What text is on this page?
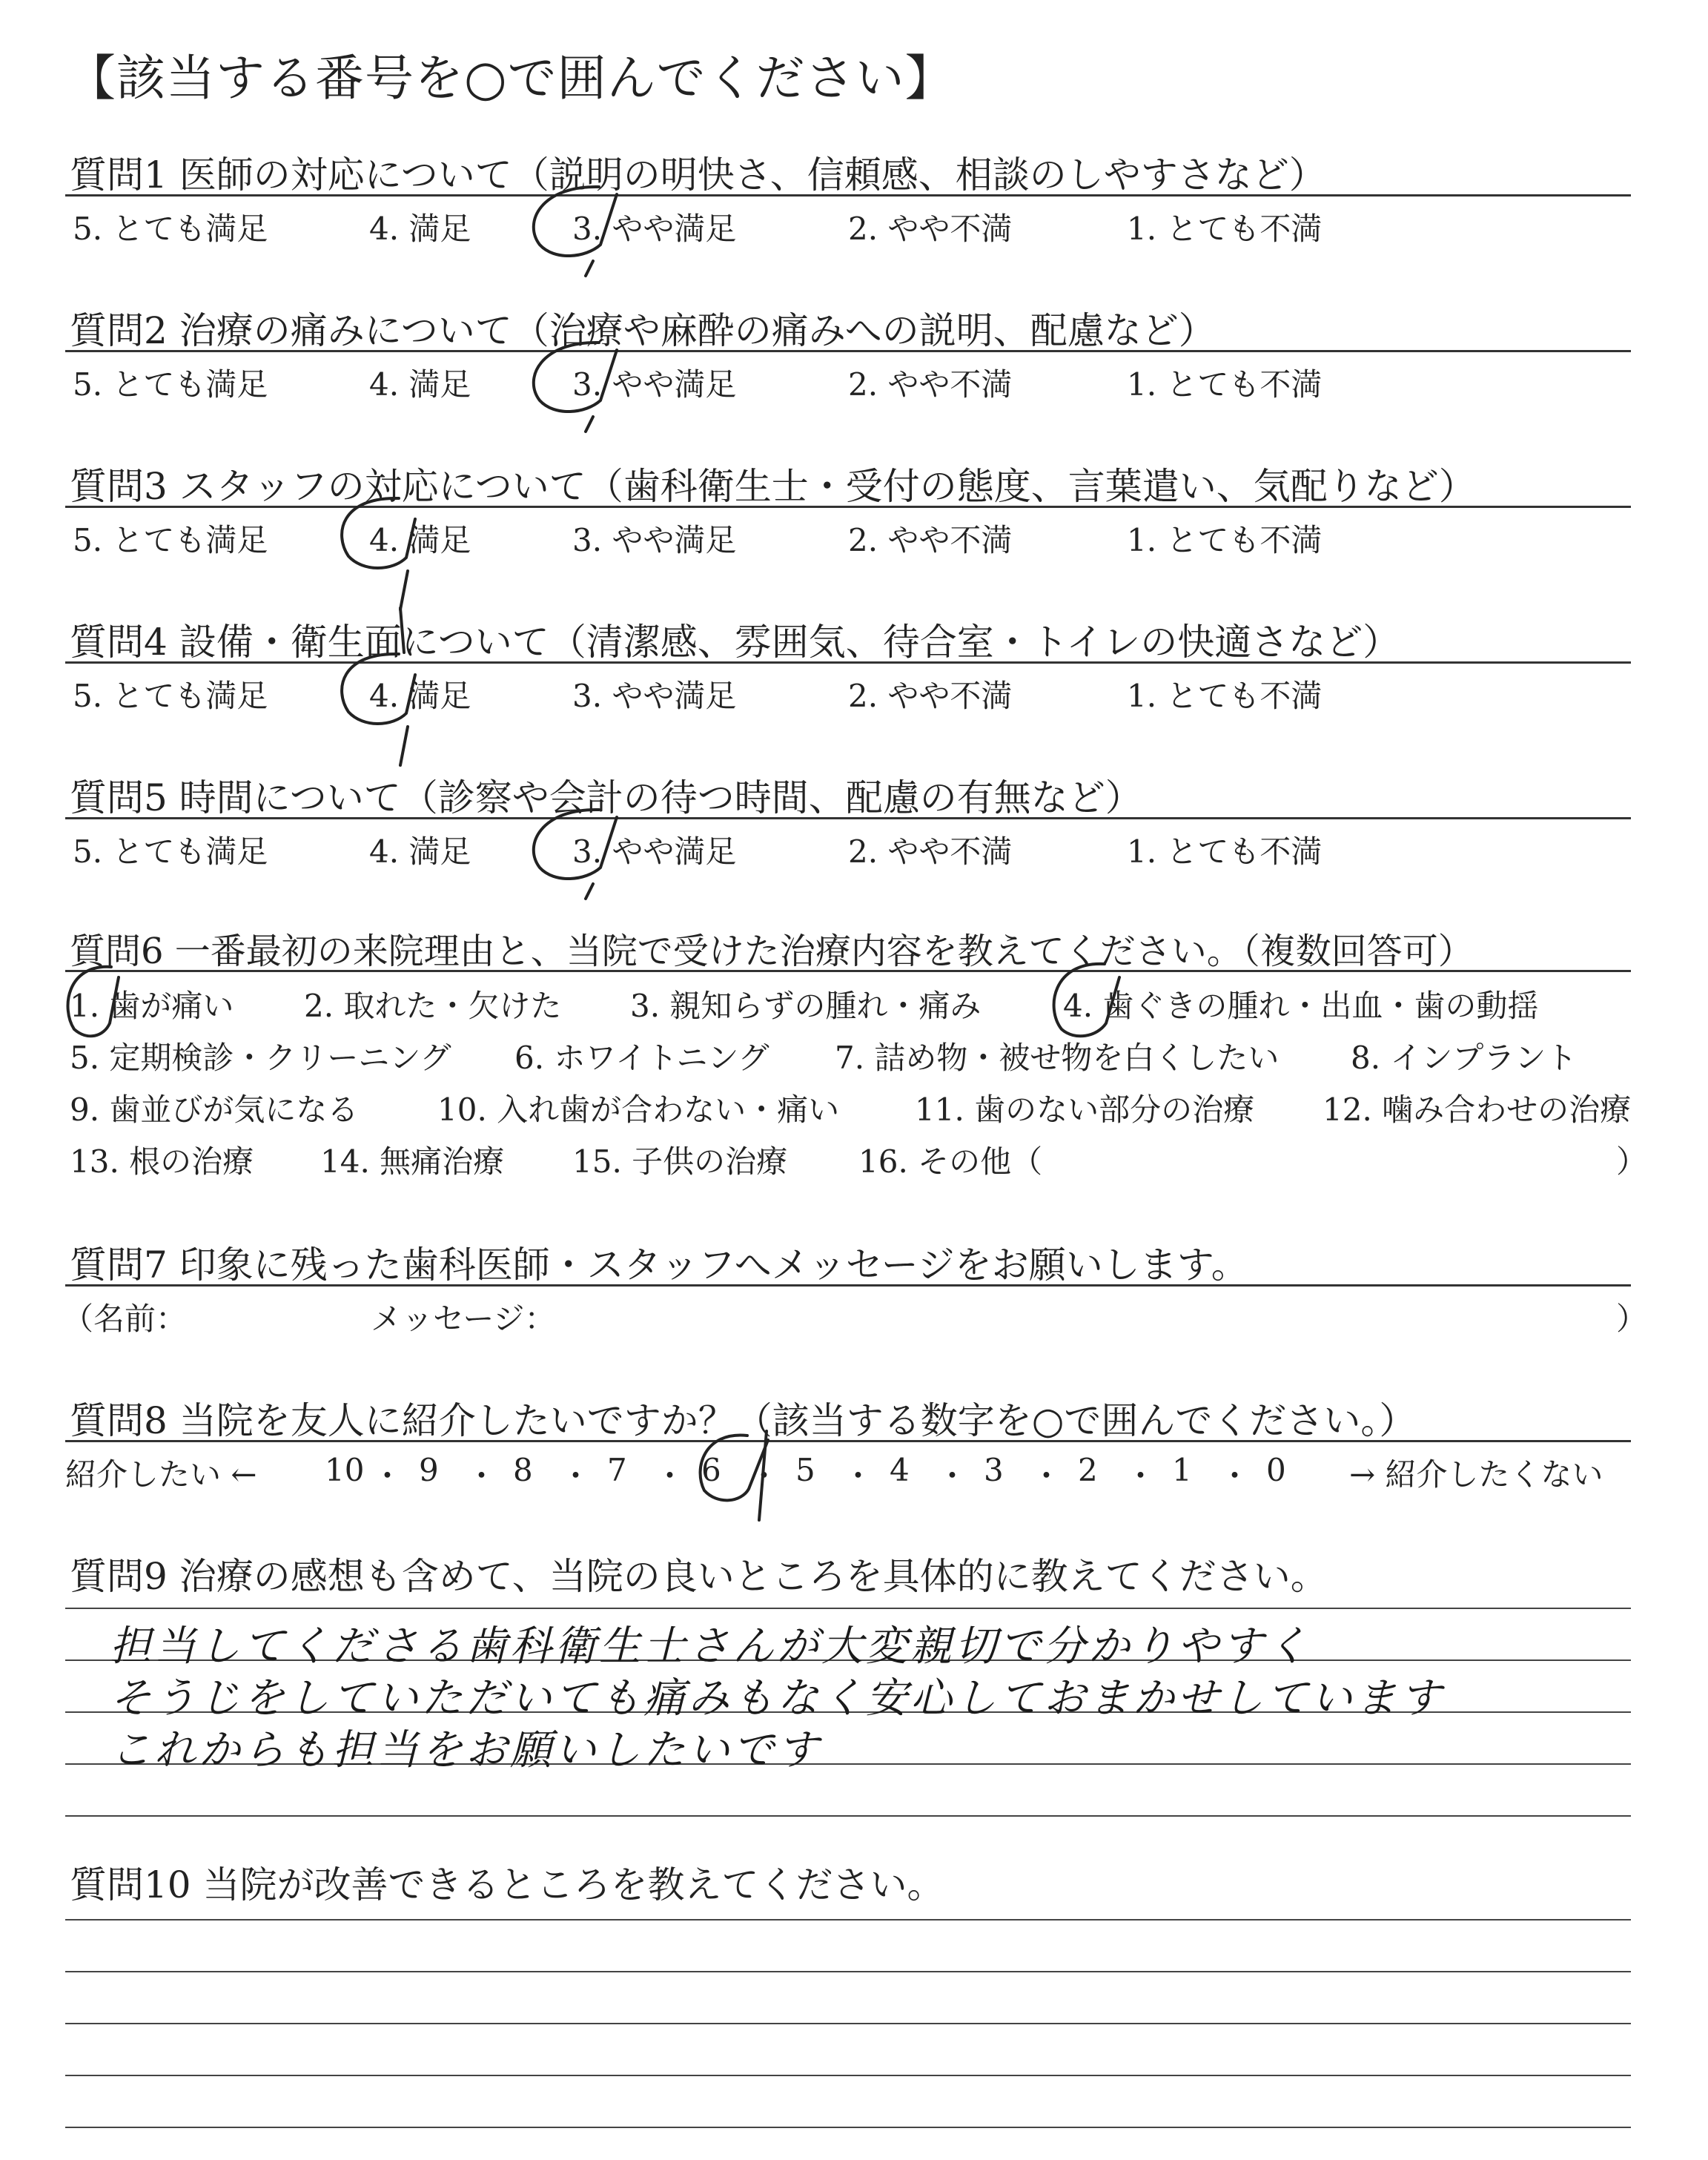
【該当する番号を○で囲んでください】
質問1 医師の対応について（説明の明快さ、信頼感、相談のしやすさなど）
5. とても満足	4. 満足	3. やや満足	2. やや不満	1. とても不満
質問2 治療の痛みについて（治療や麻酔の痛みへの説明、配慮など）
5. とても満足	4. 満足	3. やや満足	2. やや不満	1. とても不満
質問3 スタッフの対応について（歯科衛生士・受付の態度、言葉遣い、気配りなど）
5. とても満足	4. 満足	3. やや満足	2. やや不満	1. とても不満
質問4 設備・衛生面について（清潔感、雰囲気、待合室・トイレの快適さなど）
5. とても満足	4. 満足	3. やや満足	2. やや不満	1. とても不満
質問5 時間について（診察や会計の待つ時間、配慮の有無など）
5. とても満足	4. 満足	3. やや満足	2. やや不満	1. とても不満
質問6 一番最初の来院理由と、当院で受けた治療内容を教えてください。（複数回答可）
1. 歯が痛い 2. 取れた・欠けた 3. 親知らずの腫れ・痛み	4. 歯ぐきの腫れ・出血・歯の動揺
5. 定期検診・クリーニング 6. ホワイトニング 7. 詰め物・被せ物を白くしたい 8. インプラント
9. 歯並びが気になる	10. 入れ歯が合わない・痛い 11. 歯のない部分の治療 12. 噛み合わせの治療
13. 根の治療 14. 無痛治療 15. 子供の治療 16. その他（	）
質問7 印象に残った歯科医師・スタッフへメッセージをお願いします。
（名前：	メッセージ：	）
質問8 当院を友人に紹介したいですか？（該当する数字を○で囲んでください。）
紹介したい ← 10 ・ 9 ・ 8 ・ 7 ・ 6 ・ 5 ・ 4 ・ 3 ・ 2 ・ 1 ・ 0 → 紹介したくない
質問9 治療の感想も含めて、当院の良いところを具体的に教えてください。
担当してくださる歯科衛生士さんが大変親切で分かりやすく
そうじをしていただいても痛みもなく安心しておまかせしています
これからも担当をお願いしたいです
質問10 当院が改善できるところを教えてください。
